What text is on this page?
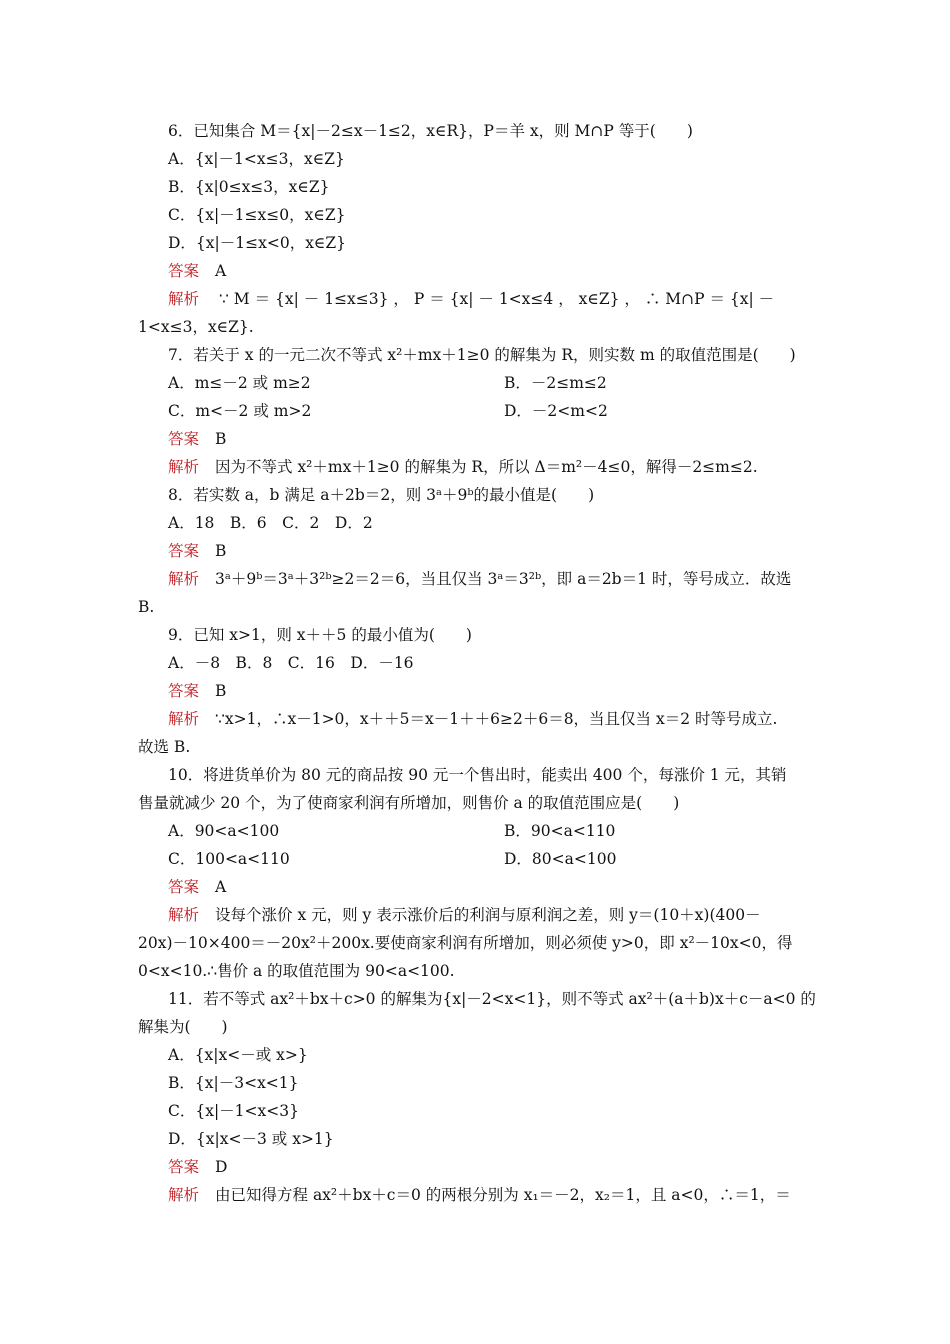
6．已知集合 M＝{x|－2≤x－1≤2，x∈R}，P＝羊 x，则 M∩P 等于(　　)
A．{x|－1<x≤3，x∈Z}
B．{x|0≤x≤3，x∈Z}
C．{x|－1≤x≤0，x∈Z}
D．{x|－1≤x<0，x∈Z}
答案 A
解析 ∵ M ＝ {x| － 1≤x≤3} ， P ＝ {x| － 1<x≤4 ， x∈Z} ， ∴ M∩P ＝ {x| －
1<x≤3，x∈Z}.
7．若关于 x 的一元二次不等式 x²＋mx＋1≥0 的解集为 R，则实数 m 的取值范围是(　　)
A．m≤－2 或 m≥2	B．－2≤m≤2
C．m<－2 或 m>2	D．－2<m<2
答案 B
解析 因为不等式 x²＋mx＋1≥0 的解集为 R，所以 Δ＝m²－4≤0，解得－2≤m≤2.
8．若实数 a，b 满足 a＋2b＝2，则 3ᵃ＋9ᵇ的最小值是(　　)
A．18　B．6　C．2　D．2
答案 B
解析 3ᵃ＋9ᵇ＝3ᵃ＋3²ᵇ≥2＝2＝6，当且仅当 3ᵃ＝3²ᵇ，即 a＝2b＝1 时，等号成立．故选
B.
9．已知 x>1，则 x＋＋5 的最小值为(　　)
A．－8　B．8　C．16　D．－16
答案 B
解析 ∵x>1，∴x－1>0，x＋＋5＝x－1＋＋6≥2＋6＝8，当且仅当 x＝2 时等号成立.
故选 B.
10．将进货单价为 80 元的商品按 90 元一个售出时，能卖出 400 个，每涨价 1 元，其销
售量就减少 20 个，为了使商家利润有所增加，则售价 a 的取值范围应是(　　)
A．90<a<100	B．90<a<110
C．100<a<110	D．80<a<100
答案 A
解析 设每个涨价 x 元，则 y 表示涨价后的利润与原利润之差，则 y＝(10＋x)(400－
20x)－10×400＝－20x²＋200x.要使商家利润有所增加，则必须使 y>0，即 x²－10x<0，得
0<x<10.∴售价 a 的取值范围为 90<a<100.
11．若不等式 ax²＋bx＋c>0 的解集为{x|－2<x<1}，则不等式 ax²＋(a＋b)x＋c－a<0 的
解集为(　　)
A．{x|x<－或 x>}
B．{x|－3<x<1}
C．{x|－1<x<3}
D．{x|x<－3 或 x>1}
答案 D
解析 由已知得方程 ax²＋bx＋c＝0 的两根分别为 x₁＝－2，x₂＝1，且 a<0，∴＝1，＝
